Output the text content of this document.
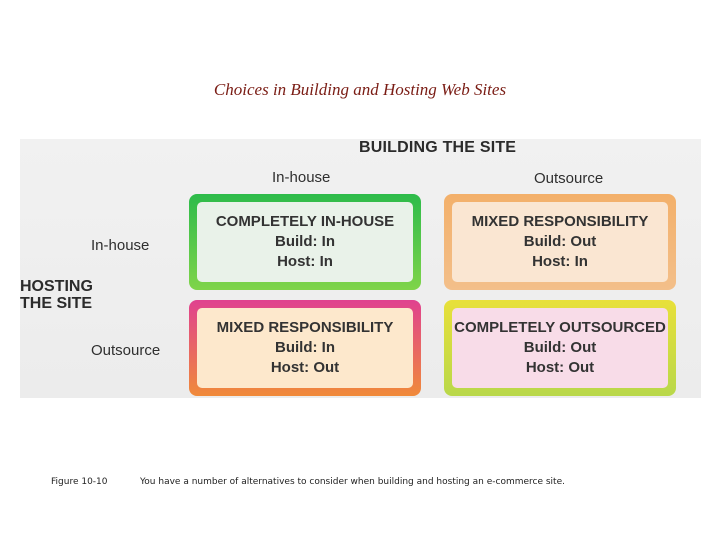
Choices in Building and Hosting Web Sites
BUILDING THE SITE
In-house	Outsource
In-house
Outsource
HOSTING THE SITE
COMPLETELY IN-HOUSE
Build: In
Host: In
MIXED RESPONSIBILITY
Build: Out
Host: In
MIXED RESPONSIBILITY
Build: In
Host: Out
COMPLETELY OUTSOURCED
Build: Out
Host: Out
Figure 10-10	You have a number of alternatives to consider when building and hosting an e-commerce site.
